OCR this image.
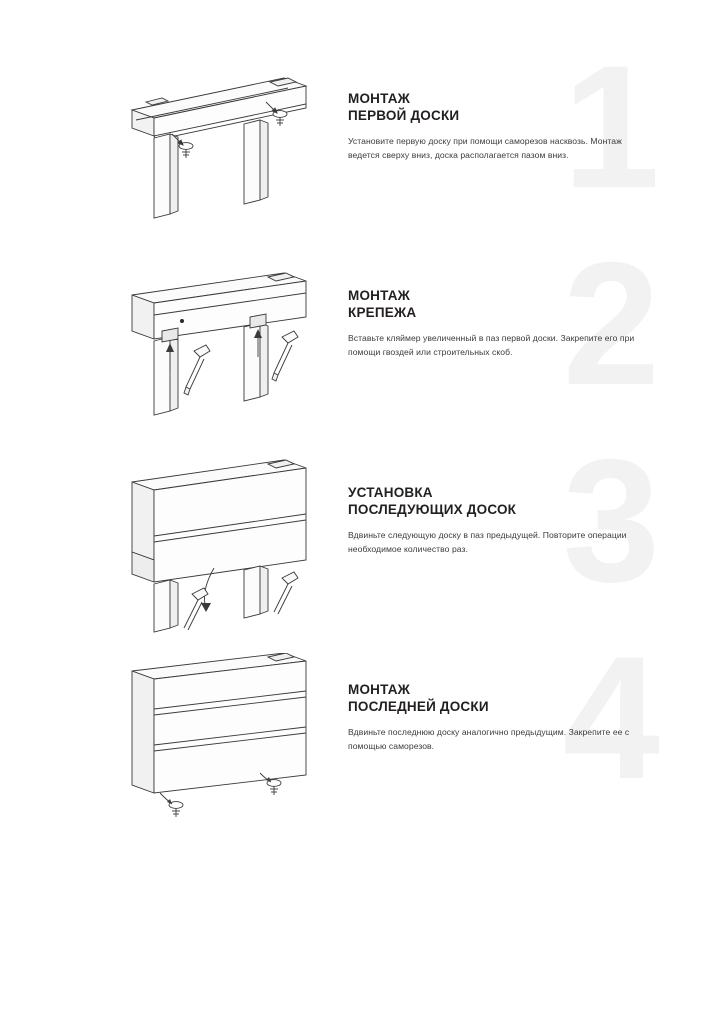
1
МОНТАЖ
ПЕРВОЙ ДОСКИ

Установите первую доску при помощи саморезов насквозь. Монтаж ведется сверху вниз, доска располагается пазом вниз.

2
МОНТАЖ
КРЕПЕЖА

Вставьте кляймер увеличенный в паз первой доски. Закрепите его при помощи гвоздей или строительных скоб.

3
УСТАНОВКА
ПОСЛЕДУЮЩИХ ДОСОК

Вдвиньте следующую доску в паз предыдущей. Повторите операции необходимое количество раз.

4
МОНТАЖ
ПОСЛЕДНЕЙ ДОСКИ

Вдвиньте последнюю доску аналогично предыдущим. Закрепите ее с помощью саморезов.
